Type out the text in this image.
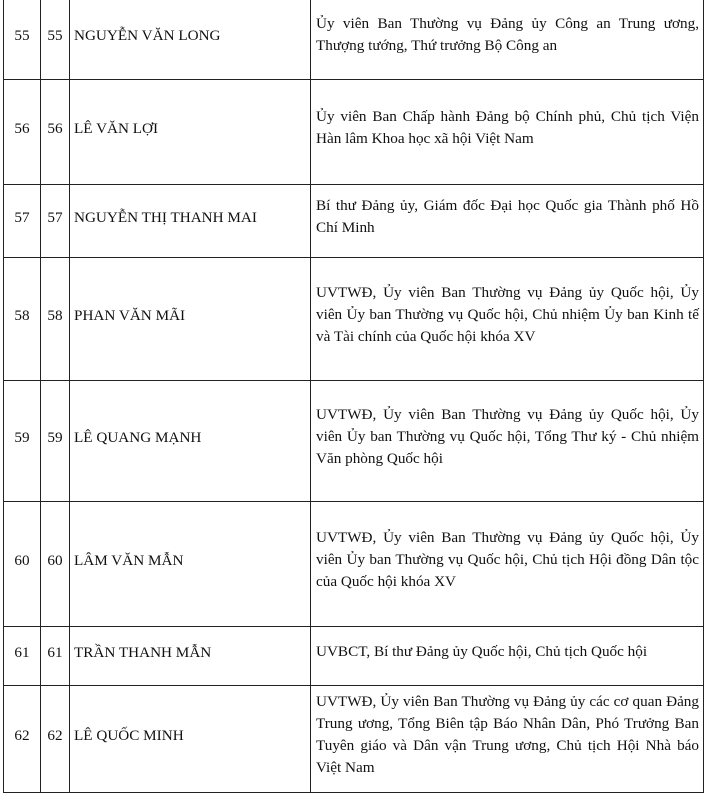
55	55	NGUYỄN VĂN LONG	Ủy viên Ban Thường vụ Đảng ủy Công an Trung ương, Thượng tướng, Thứ trưởng Bộ Công an

56	56	LÊ VĂN LỢI	Ủy viên Ban Chấp hành Đảng bộ Chính phủ, Chủ tịch Viện Hàn lâm Khoa học xã hội Việt Nam

57	57	NGUYỄN THỊ THANH MAI	Bí thư Đảng ủy, Giám đốc Đại học Quốc gia Thành phố Hồ Chí Minh

58	58	PHAN VĂN MÃI	UVTWĐ, Ủy viên Ban Thường vụ Đảng ủy Quốc hội, Ủy viên Ủy ban Thường vụ Quốc hội, Chủ nhiệm Ủy ban Kinh tế và Tài chính của Quốc hội khóa XV

59	59	LÊ QUANG MẠNH	UVTWĐ, Ủy viên Ban Thường vụ Đảng ủy Quốc hội, Ủy viên Ủy ban Thường vụ Quốc hội, Tổng Thư ký - Chủ nhiệm Văn phòng Quốc hội

60	60	LÂM VĂN MẪN	UVTWĐ, Ủy viên Ban Thường vụ Đảng ủy Quốc hội, Ủy viên Ủy ban Thường vụ Quốc hội, Chủ tịch Hội đồng Dân tộc của Quốc hội khóa XV

61	61	TRẦN THANH MẪN	UVBCT, Bí thư Đảng ủy Quốc hội, Chủ tịch Quốc hội

62	62	LÊ QUỐC MINH	UVTWĐ, Ủy viên Ban Thường vụ Đảng ủy các cơ quan Đảng Trung ương, Tổng Biên tập Báo Nhân Dân, Phó Trưởng Ban Tuyên giáo và Dân vận Trung ương, Chủ tịch Hội Nhà báo Việt Nam
